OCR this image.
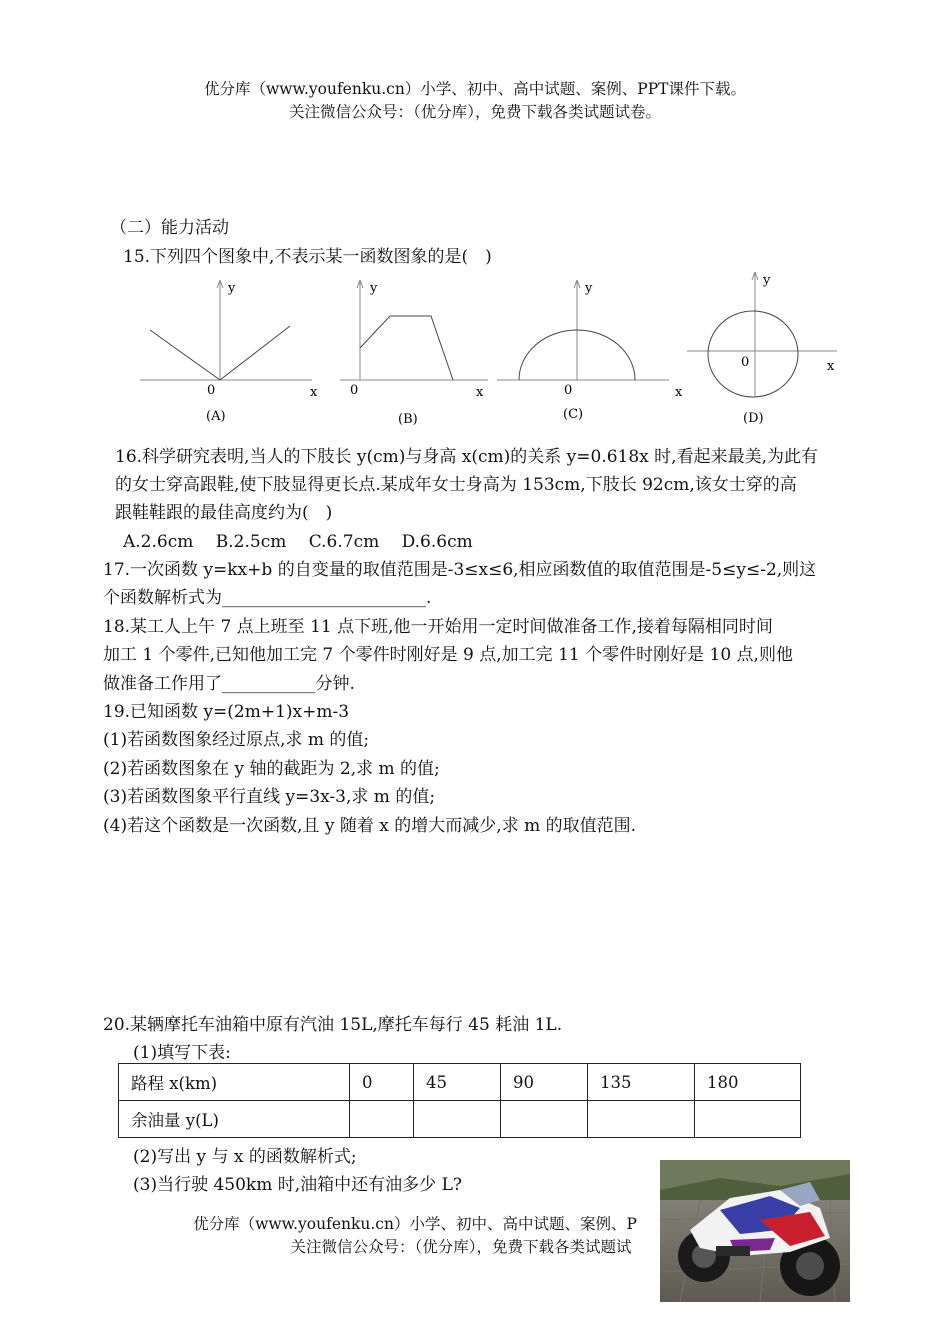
优分库（www.youfenku.cn）小学、初中、高中试题、案例、PPT课件下载。
关注微信公众号：（优分库），免费下载各类试题试卷。
（二）能力活动
15.下列四个图象中,不表示某一函数图象的是(　)
y
x
0
(A)
y
x
0
(B)
y
x
0
(C)
y
x
0
(D)
16.科学研究表明,当人的下肢长 y(cm)与身高 x(cm)的关系 y=0.618x 时,看起来最美,为此有
的女士穿高跟鞋,使下肢显得更长点.某成年女士身高为 153cm,下肢长 92cm,该女士穿的高
跟鞋鞋跟的最佳高度约为(　)
A.2.6cm　 B.2.5cm　 C.6.7cm　 D.6.6cm
17.一次函数 y=kx+b 的自变量的取值范围是-3≤x≤6,相应函数值的取值范围是-5≤y≤-2,则这
个函数解析式为________________________.
18.某工人上午 7 点上班至 11 点下班,他一开始用一定时间做准备工作,接着每隔相同时间
加工 1 个零件,已知他加工完 7 个零件时刚好是 9 点,加工完 11 个零件时刚好是 10 点,则他
做准备工作用了___________分钟.
19.已知函数 y=(2m+1)x+m-3
(1)若函数图象经过原点,求 m 的值;
(2)若函数图象在 y 轴的截距为 2,求 m 的值;
(3)若函数图象平行直线 y=3x-3,求 m 的值;
(4)若这个函数是一次函数,且 y 随着 x 的增大而减少,求 m 的取值范围.
20.某辆摩托车油箱中原有汽油 15L,摩托车每行 45 耗油 1L.
(1)填写下表:
路程 x(km)	0	45	90	135	180
余油量 y(L)					
(2)写出 y 与 x 的函数解析式;
(3)当行驶 450km 时,油箱中还有油多少 L?
优分库（www.youfenku.cn）小学、初中、高中试题、案例、P
关注微信公众号：（优分库），免费下载各类试题试
